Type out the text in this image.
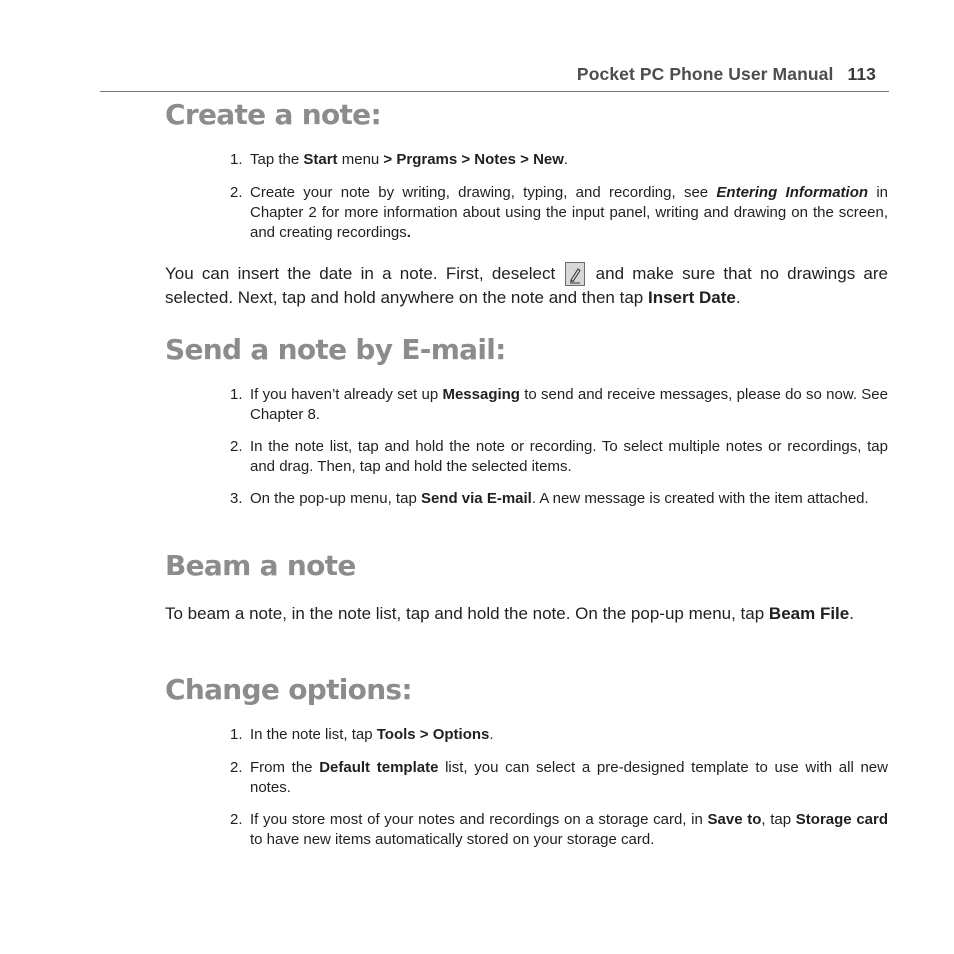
Pocket PC Phone User Manual 113
Create a note:
1. Tap the Start menu > Prgrams > Notes > New.
2. Create your note by writing, drawing, typing, and recording, see Entering Information in Chapter 2 for more information about using the input panel, writing and drawing on the screen, and creating recordings.
You can insert the date in a note. First, deselect
and make sure that no drawings are selected. Next, tap and hold anywhere on the note and then tap Insert Date.
Send a note by E-mail:
1. If you haven’t already set up Messaging to send and receive messages, please do so now. See Chapter 8.
2. In the note list, tap and hold the note or recording. To select multiple notes or recordings, tap and drag. Then, tap and hold the selected items.
3. On the pop-up menu, tap Send via E-mail. A new message is created with the item attached.
Beam a note
To beam a note, in the note list, tap and hold the note. On the pop-up menu, tap Beam File.
Change options:
1. In the note list, tap Tools > Options.
2. From the Default template list, you can select a pre-designed template to use with all new notes.
2. If you store most of your notes and recordings on a storage card, in Save to, tap Storage card to have new items automatically stored on your storage card.
